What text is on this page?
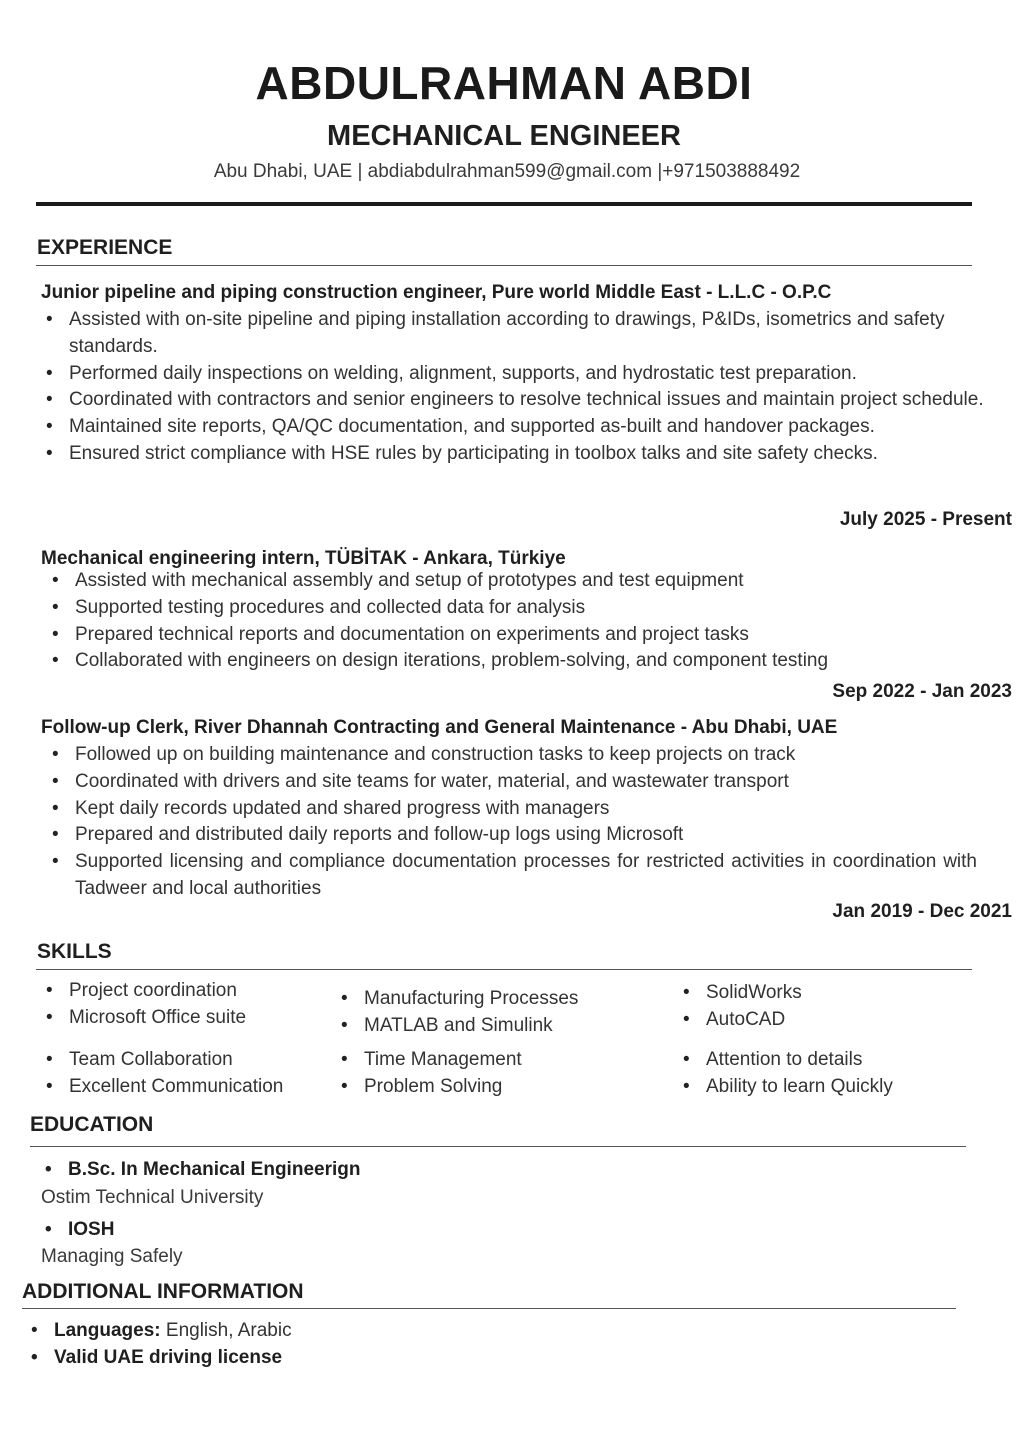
ABDULRAHMAN ABDI
MECHANICAL ENGINEER
Abu Dhabi, UAE | abdiabdulrahman599@gmail.com |+971503888492
EXPERIENCE
Junior pipeline and piping construction engineer, Pure world Middle East - L.L.C - O.P.C
• Assisted with on-site pipeline and piping installation according to drawings, P&IDs, isometrics and safety standards.
• Performed daily inspections on welding, alignment, supports, and hydrostatic test preparation.
• Coordinated with contractors and senior engineers to resolve technical issues and maintain project schedule.
• Maintained site reports, QA/QC documentation, and supported as-built and handover packages.
• Ensured strict compliance with HSE rules by participating in toolbox talks and site safety checks.
July 2025 - Present
Mechanical engineering intern, TÜBİTAK - Ankara, Türkiye
• Assisted with mechanical assembly and setup of prototypes and test equipment
• Supported testing procedures and collected data for analysis
• Prepared technical reports and documentation on experiments and project tasks
• Collaborated with engineers on design iterations, problem-solving, and component testing
Sep 2022 - Jan 2023
Follow-up Clerk, River Dhannah Contracting and General Maintenance - Abu Dhabi, UAE
• Followed up on building maintenance and construction tasks to keep projects on track
• Coordinated with drivers and site teams for water, material, and wastewater transport
• Kept daily records updated and shared progress with managers
• Prepared and distributed daily reports and follow-up logs using Microsoft
• Supported licensing and compliance documentation processes for restricted activities in coordination with Tadweer and local authorities
Jan 2019 - Dec 2021
SKILLS
• Project coordination
• Microsoft Office suite
• Manufacturing Processes
• MATLAB and Simulink
• SolidWorks
• AutoCAD
• Team Collaboration
• Excellent Communication
• Time Management
• Problem Solving
• Attention to details
• Ability to learn Quickly
EDUCATION
• B.Sc. In Mechanical Engineerign
Ostim Technical University
• IOSH
Managing Safely
ADDITIONAL INFORMATION
• Languages: English, Arabic
• Valid UAE driving license
